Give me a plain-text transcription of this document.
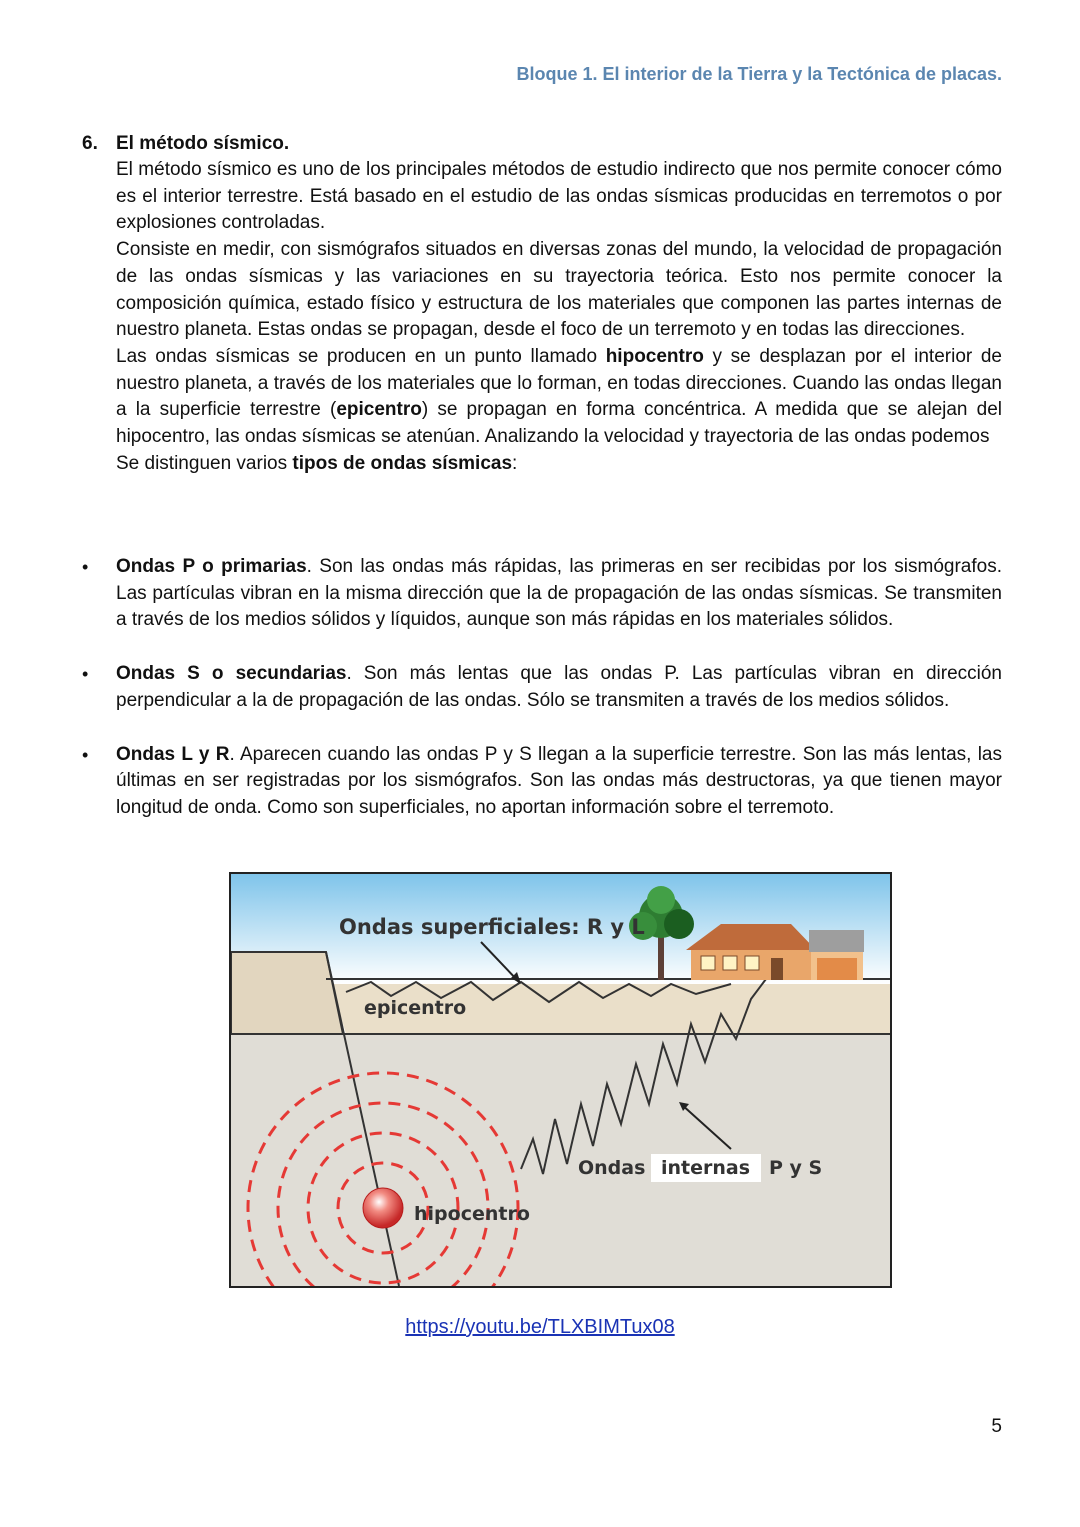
Bloque 1. El interior de la Tierra y la Tectónica de placas.
6. El método sísmico.
El método sísmico es uno de los principales métodos de estudio indirecto que nos permite conocer cómo es el interior terrestre. Está basado en el estudio de las ondas sísmicas producidas en terremotos o por explosiones controladas.
Consiste en medir, con sismógrafos situados en diversas zonas del mundo, la velocidad de propagación de las ondas sísmicas y las variaciones en su trayectoria teórica. Esto nos permite conocer la composición química, estado físico y estructura de los materiales que componen las partes internas de nuestro planeta. Estas ondas se propagan, desde el foco de un terremoto y en todas las direcciones.
Las ondas sísmicas se producen en un punto llamado hipocentro y se desplazan por el interior de nuestro planeta, a través de los materiales que lo forman, en todas direcciones. Cuando las ondas llegan a la superficie terrestre (epicentro) se propagan en forma concéntrica. A medida que se alejan del hipocentro, las ondas sísmicas se atenúan. Analizando la velocidad y trayectoria de las ondas podemos
Se distinguen varios tipos de ondas sísmicas:
•	Ondas P o primarias. Son las ondas más rápidas, las primeras en ser recibidas por los sismógrafos. Las partículas vibran en la misma dirección que la de propagación de las ondas sísmicas. Se transmiten a través de los medios sólidos y líquidos, aunque son más rápidas en los materiales sólidos.
•	Ondas S o secundarias. Son más lentas que las ondas P. Las partículas vibran en dirección perpendicular a la de propagación de las ondas. Sólo se transmiten a través de los medios sólidos.
•	Ondas L y R. Aparecen cuando las ondas P y S llegan a la superficie terrestre. Son las más lentas, las últimas en ser registradas por los sismógrafos. Son las ondas más destructoras, ya que tienen mayor longitud de onda. Como son superficiales, no aportan información sobre el terremoto.
Ondas superficiales: R y L
epicentro
Ondas internas P y S
hipocentro
https://youtu.be/TLXBIMTux08
5
